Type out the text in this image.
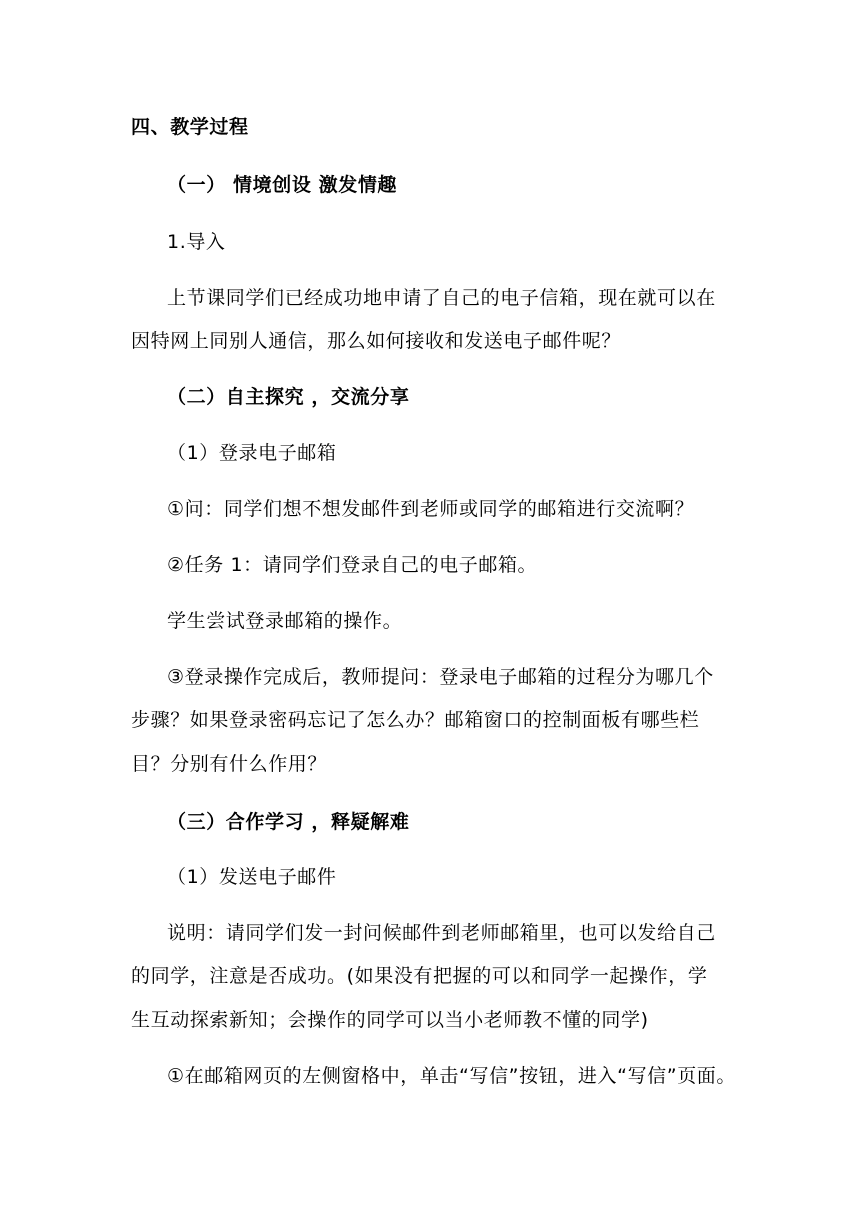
四、教学过程
（一） 情境创设 激发情趣
1.导入
上节课同学们已经成功地申请了自己的电子信箱，现在就可以在
因特网上同别人通信，那么如何接收和发送电子邮件呢？
（二）自主探究 ，交流分享
（1）登录电子邮箱
①问：同学们想不想发邮件到老师或同学的邮箱进行交流啊？
②任务 1：请同学们登录自己的电子邮箱。
学生尝试登录邮箱的操作。
③登录操作完成后，教师提问：登录电子邮箱的过程分为哪几个
步骤？如果登录密码忘记了怎么办？邮箱窗口的控制面板有哪些栏
目？分别有什么作用？
（三）合作学习 ，释疑解难
（1）发送电子邮件
说明：请同学们发一封问候邮件到老师邮箱里，也可以发给自己
的同学，注意是否成功。(如果没有把握的可以和同学一起操作，学
生互动探索新知；会操作的同学可以当小老师教不懂的同学)
①在邮箱网页的左侧窗格中，单击“写信”按钮，进入“写信”页面。
